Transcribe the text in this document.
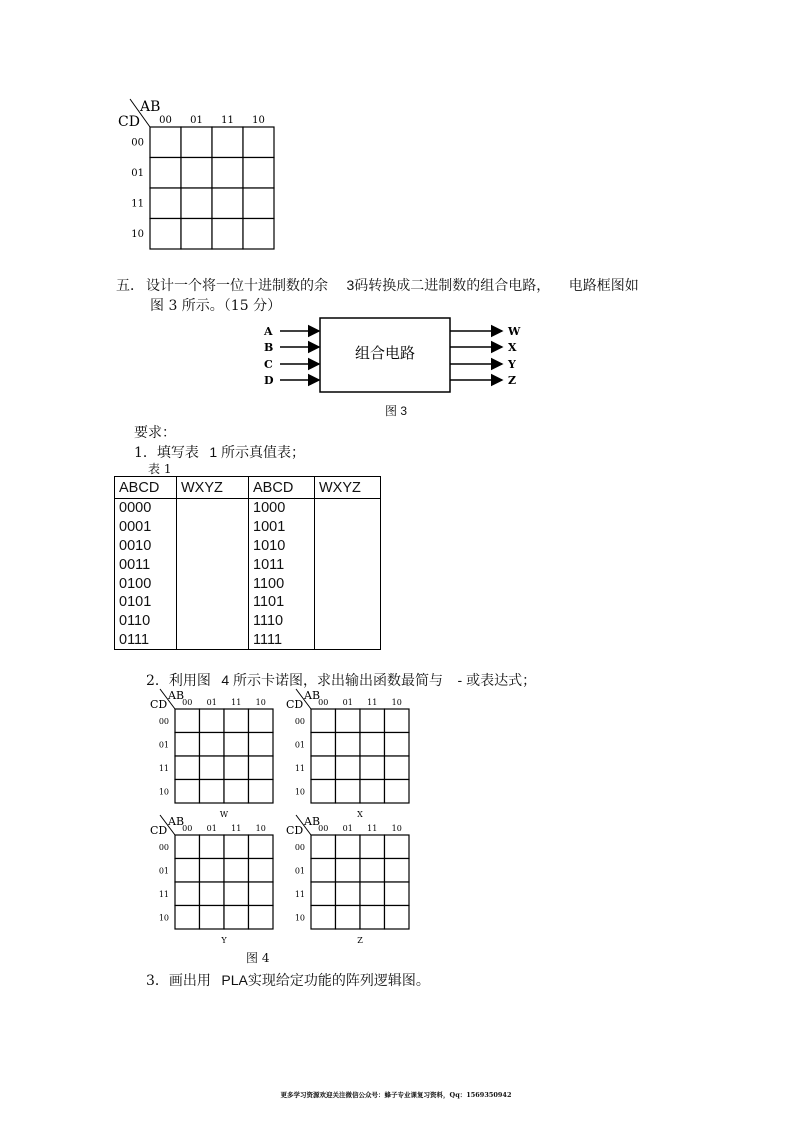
AB
CD 00 01 11 10
00
01
11
10
五． 设计一个将一位十进制数的余 3码转换成二进制数的组合电路， 电路框图如
图 3 所示。（15 分）
组合电路
A
B
C
D
W
X
Y
Z
图 3
要求：
1．填写表 1 所示真值表；
表 1
ABCD	WXYZ	ABCD	WXYZ
0000		1000	
0001		1001	
0010		1010	
0011		1011	
0100		1100	
0101		1101	
0110		1110	
0111		1111	
2．利用图 4 所示卡诺图，求出输出函数最简与 - 或表达式；
AB
CD 00 01 11 10
00
01
11
10
W
AB
CD 00 01 11 10
00
01
11
10
X
AB
CD 00 01 11 10
00
01
11
10
Y
AB
CD 00 01 11 10
00
01
11
10
Z
图 4
3．画出用 PLA实现给定功能的阵列逻辑图。
更多学习资源欢迎关注微信公众号：蜂子专业课复习资料，Qq：1569350942
